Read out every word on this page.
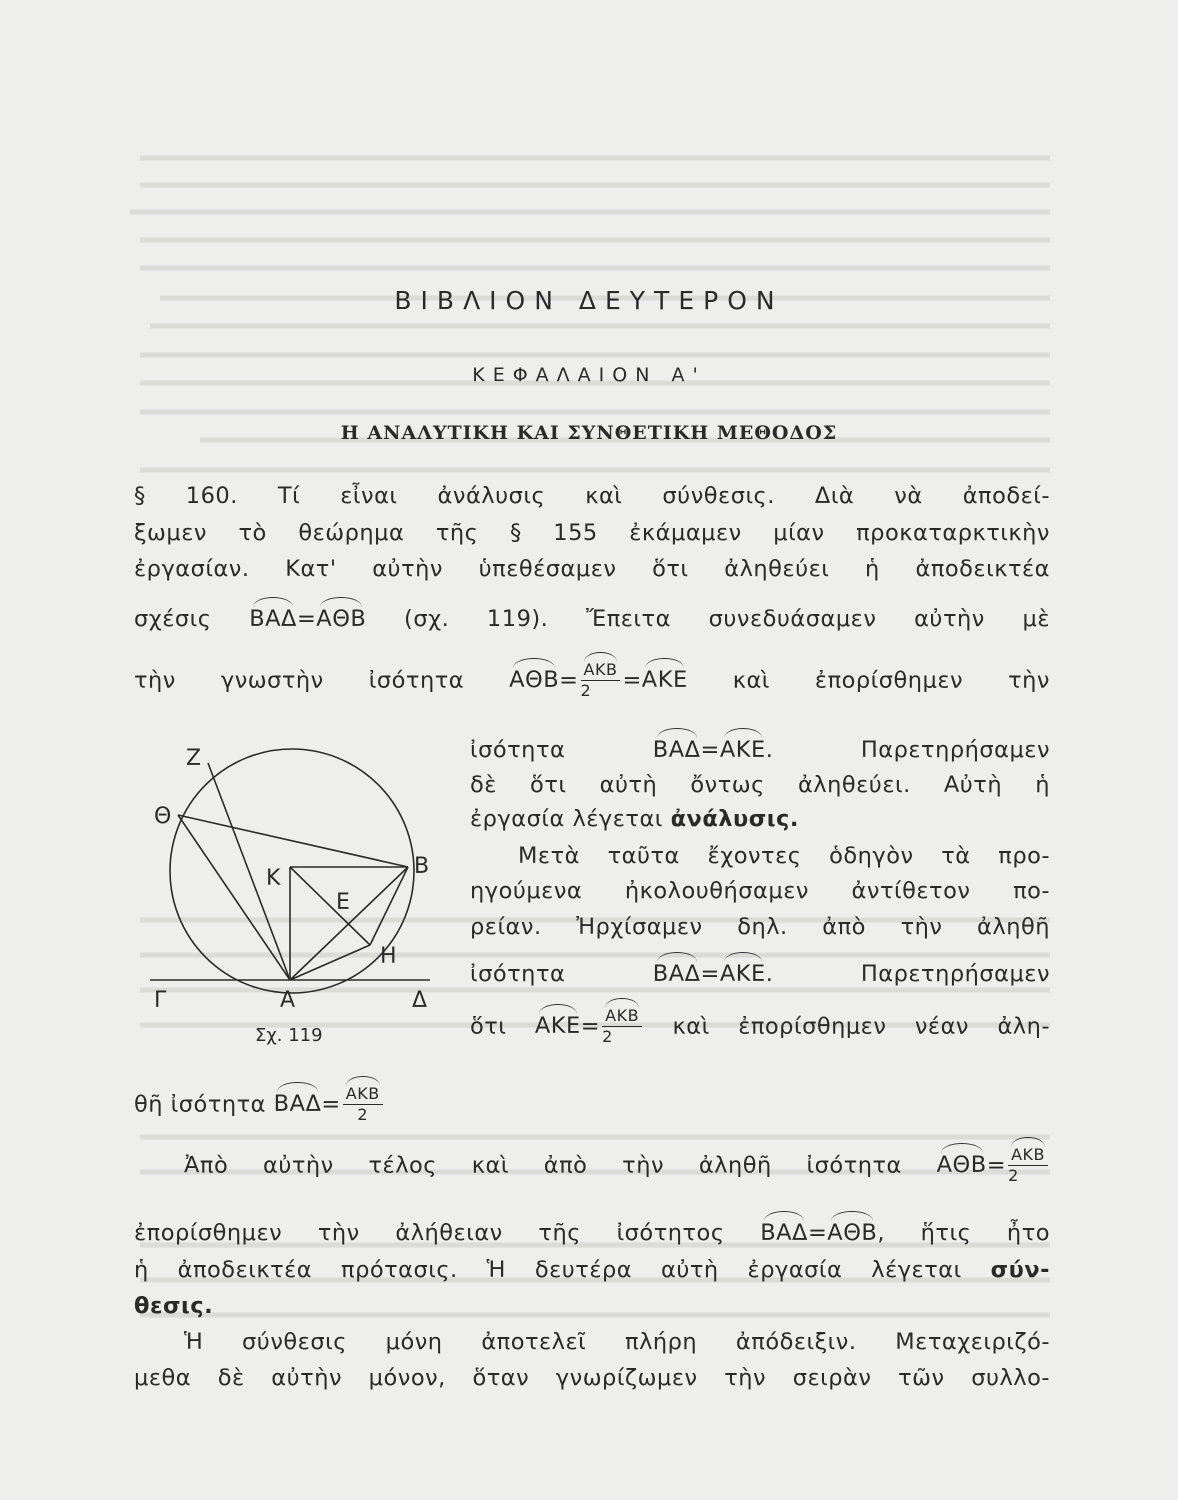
ΒΙΒΛΙΟΝ ΔΕΥΤΕΡΟΝ
ΚΕΦΑΛΑΙΟΝ Α'
Η ΑΝΑΛΥΤΙΚΗ ΚΑΙ ΣΥΝΘΕΤΙΚΗ ΜΕΘΟΔΟΣ
§ 160. Τί εἶναι ἀνάλυσις καὶ σύνθεσις. Διὰ νὰ ἀποδεί-
ξωμεν τὸ θεώρημα τῆς § 155 ἐκάμαμεν μίαν προκαταρκτικὴν
ἐργασίαν. Κατ' αὐτὴν ὑπεθέσαμεν ὅτι ἀληθεύει ἡ ἀποδεικτέα
σχέσις ΒΑΔ=ΑΘΒ (σχ. 119). Ἔπειτα συνεδυάσαμεν αὐτὴν μὲ
τὴν γνωστὴν ἰσότητα $A\Theta B= \frac{\text{ΑΚΒ}}{2} =AKE$ καὶ ἐπορίσθημεν τὴν
ἰσότητα	ΒΑΔ=ΑΚΕ.	Παρετηρήσαμεν
δὲ ὅτι αὐτὴ ὄντως ἀληθεύει. Αὐτὴ ἡ
ἐργασία λέγεται ἀνάλυσις.
Μετὰ ταῦτα ἔχοντες ὁδηγὸν τὰ προ-
ηγούμενα ἠκολουθήσαμεν ἀντίθετον πο-
ρείαν. Ἠρχίσαμεν δηλ. ἀπὸ τὴν ἀληθῆ
ἰσότητα	ΒΑΔ=ΑΚΕ.	Παρετηρήσαμεν
ὅτι $AKE= \frac{\text{ΑΚΒ}}{2}$ καὶ ἐπορίσθημεν νέαν ἀλη-
Ζ
Θ
Κ	Β
Ε
Η
Γ	Α	Δ
Σχ. 119
θῆ ἰσότητα $BA\Delta= \frac{\text{ΑΚΒ}}{2}$
Ἀπὸ αὐτὴν τέλος καὶ ἀπὸ τὴν ἀληθῆ ἰσότητα $A\Theta B= \frac{\text{ΑΚΒ}}{2}$
ἐπορίσθημεν τὴν ἀλήθειαν τῆς ἰσότητος ΒΑΔ=ΑΘΒ, ἥτις ἦτο
ἡ ἀποδεικτέα πρότασις. Ἡ δευτέρα αὐτὴ ἐργασία λέγεται σύν-
θεσις.
Ἡ σύνθεσις μόνη ἀποτελεῖ πλήρη ἀπόδειξιν. Μεταχειριζό-
μεθα δὲ αὐτὴν μόνον, ὅταν γνωρίζωμεν τὴν σειρὰν τῶν συλλο-
